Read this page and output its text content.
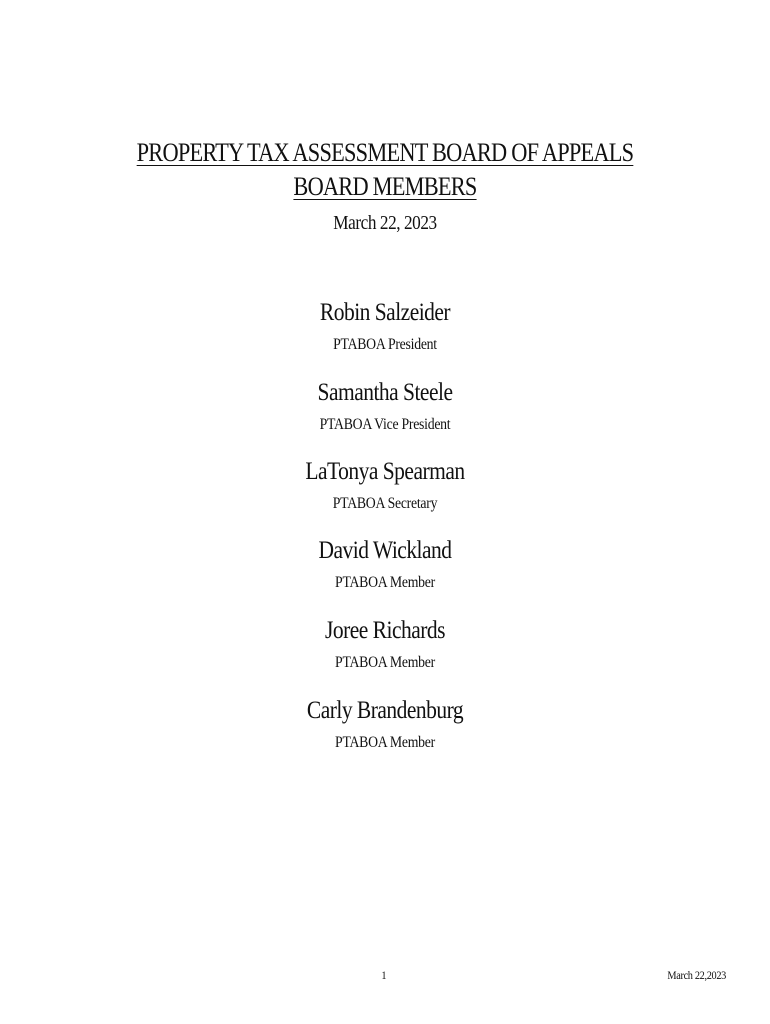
PROPERTY TAX ASSESSMENT BOARD OF APPEALS
BOARD MEMBERS
March 22, 2023
Robin Salzeider
PTABOA President
Samantha Steele
PTABOA Vice President
LaTonya Spearman
PTABOA Secretary
David Wickland
PTABOA Member
Joree Richards
PTABOA Member
Carly Brandenburg
PTABOA Member
1	March 22,2023
